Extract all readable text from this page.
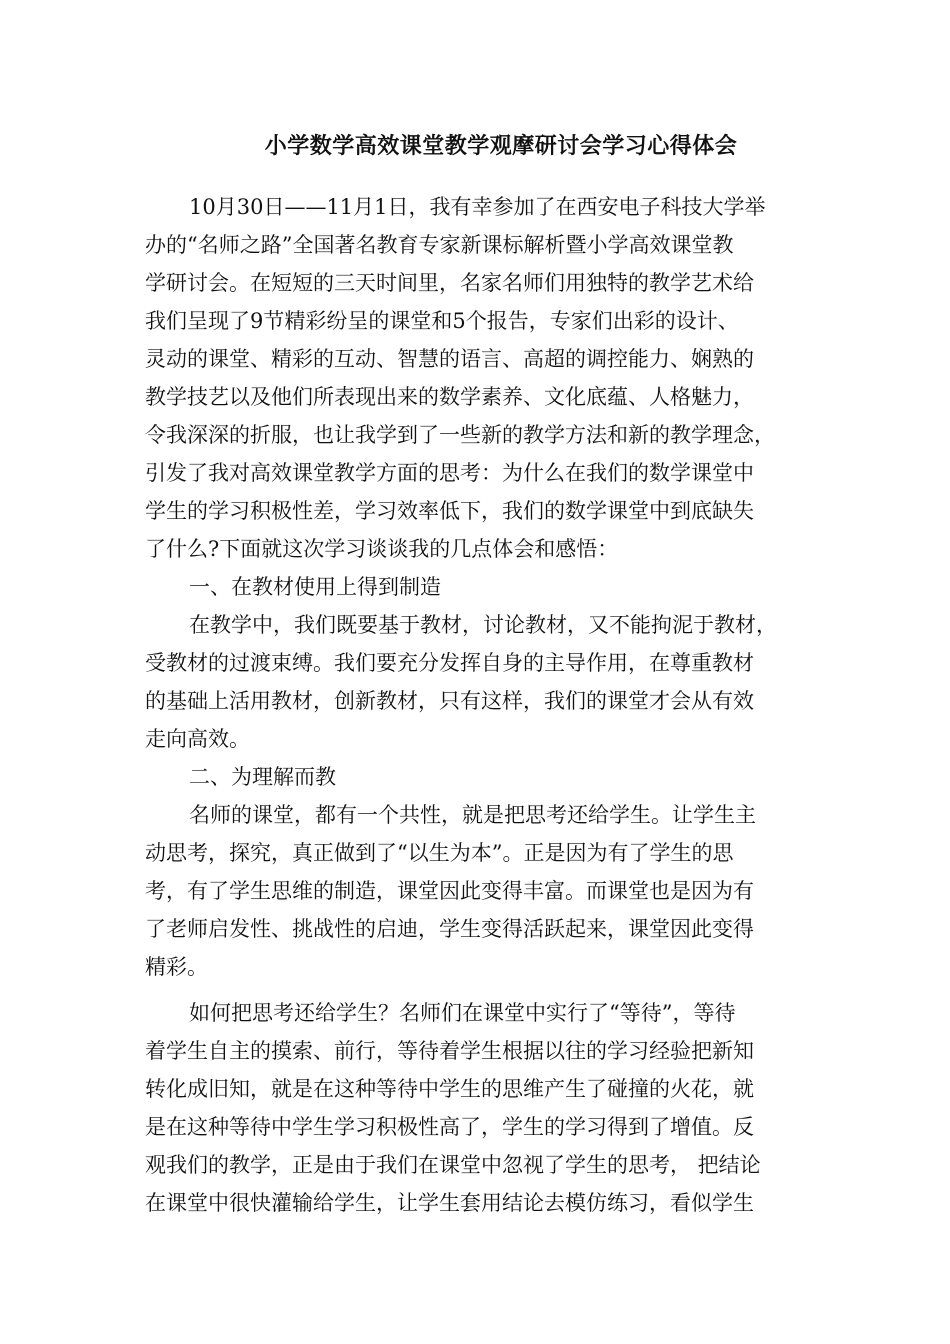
小学数学高效课堂教学观摩研讨会学习心得体会
10月30日——11月1日，我有幸参加了在西安电子科技大学举
办的“名师之路”全国著名教育专家新课标解析暨小学高效课堂教
学研讨会。在短短的三天时间里，名家名师们用独特的教学艺术给
我们呈现了9节精彩纷呈的课堂和5个报告，专家们出彩的设计、
灵动的课堂、精彩的互动、智慧的语言、高超的调控能力、娴熟的
教学技艺以及他们所表现出来的数学素养、文化底蕴、人格魅力，
令我深深的折服，也让我学到了一些新的教学方法和新的教学理念，
引发了我对高效课堂教学方面的思考：为什么在我们的数学课堂中
学生的学习积极性差，学习效率低下，我们的数学课堂中到底缺失
了什么?下面就这次学习谈谈我的几点体会和感悟：
一、在教材使用上得到制造
在教学中，我们既要基于教材，讨论教材，又不能拘泥于教材，
受教材的过渡束缚。我们要充分发挥自身的主导作用，在尊重教材
的基础上活用教材，创新教材，只有这样，我们的课堂才会从有效
走向高效。
二、为理解而教
名师的课堂，都有一个共性，就是把思考还给学生。让学生主
动思考，探究，真正做到了“以生为本”。正是因为有了学生的思
考，有了学生思维的制造，课堂因此变得丰富。而课堂也是因为有
了老师启发性、挑战性的启迪，学生变得活跃起来，课堂因此变得
精彩。
如何把思考还给学生？名师们在课堂中实行了“等待”，等待
着学生自主的摸索、前行，等待着学生根据以往的学习经验把新知
转化成旧知，就是在这种等待中学生的思维产生了碰撞的火花，就
是在这种等待中学生学习积极性高了，学生的学习得到了增值。反
观我们的教学，正是由于我们在课堂中忽视了学生的思考， 把结论
在课堂中很快灌输给学生，让学生套用结论去模仿练习，看似学生
